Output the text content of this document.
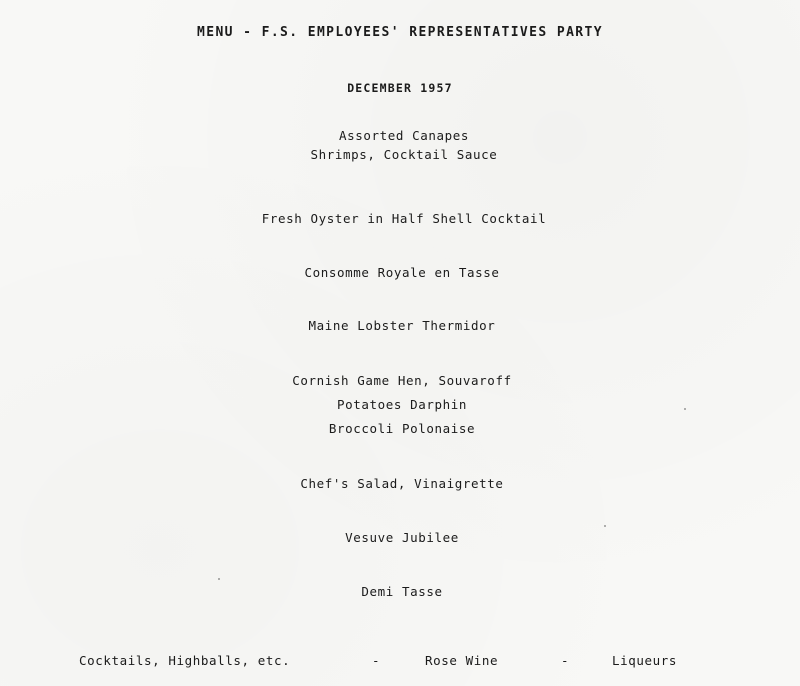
MENU - F.S. EMPLOYEES' REPRESENTATIVES PARTY
DECEMBER 1957
Assorted Canapes
Shrimps, Cocktail Sauce
Fresh Oyster in Half Shell Cocktail
Consomme Royale en Tasse
Maine Lobster Thermidor
Cornish Game Hen, Souvaroff
Potatoes Darphin
Broccoli Polonaise
Chef's Salad, Vinaigrette
Vesuve Jubilee
Demi Tasse
Cocktails, Highballs, etc.	-	Rose Wine	-	Liqueurs
